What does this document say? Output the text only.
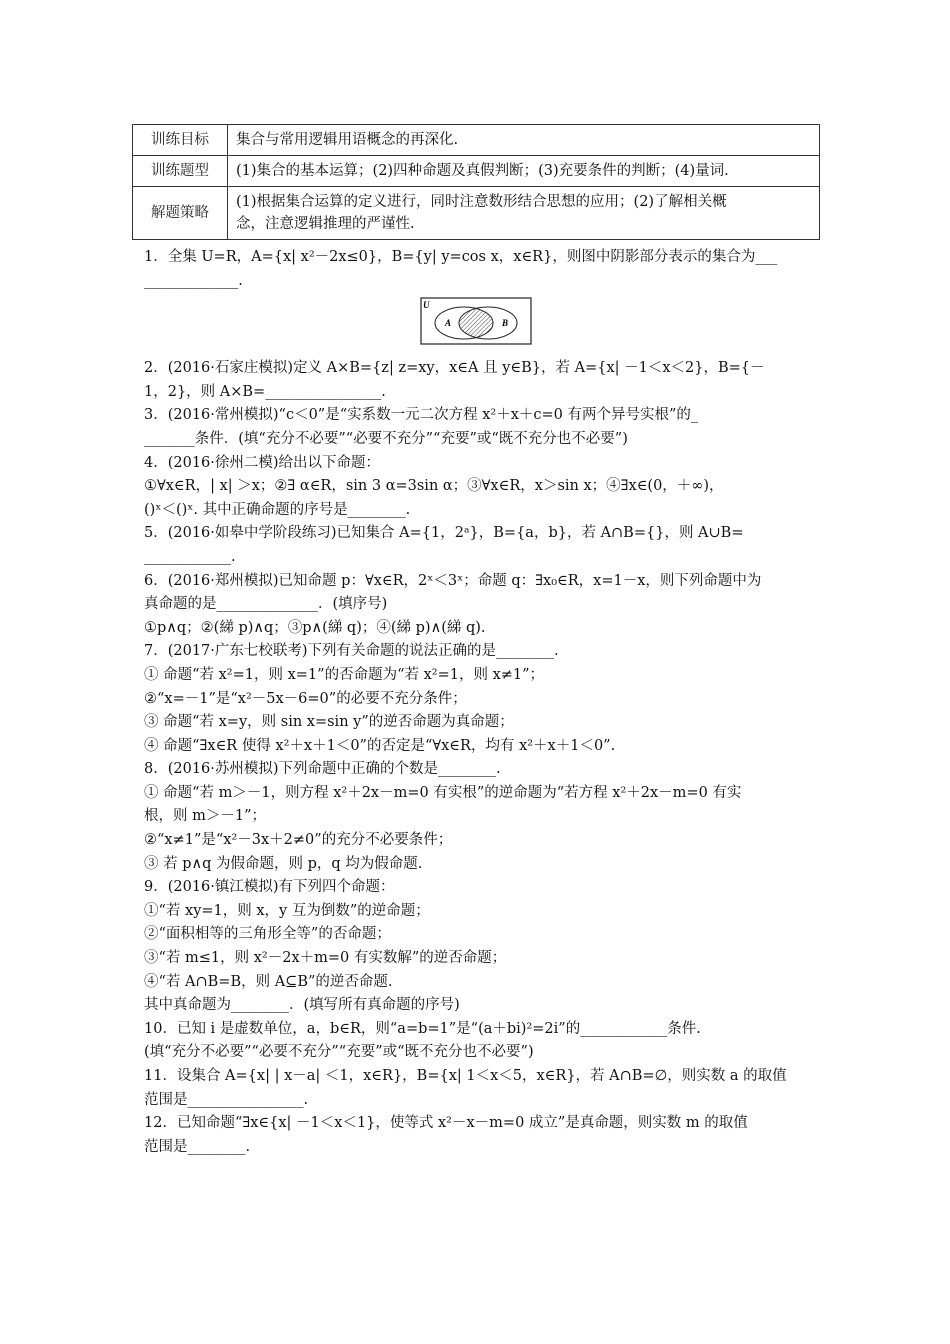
训练目标	集合与常用逻辑用语概念的再深化.
训练题型	(1)集合的基本运算；(2)四种命题及真假判断；(3)充要条件的判断；(4)量词.
解题策略	(1)根据集合运算的定义进行，同时注意数形结合思想的应用；(2)了解相关概
念，注意逻辑推理的严谨性.
1．全集 U=R，A={x| x²－2x≤0}，B={y| y=cos x，x∈R}，则图中阴影部分表示的集合为___
_____________.
U
A	B
2．(2016·石家庄模拟)定义 A×B={z| z=xy，x∈A 且 y∈B}，若 A={x| －1＜x＜2}，B={－
1，2}，则 A×B=________________.
3．(2016·常州模拟)“c＜0”是“实系数一元二次方程 x²＋x＋c=0 有两个异号实根”的_
_______条件．(填“充分不必要”“必要不充分”“充要”或“既不充分也不必要”)
4．(2016·徐州二模)给出以下命题：
①∀x∈R，| x| ＞x；②∃ α∈R，sin 3 α=3sin α；③∀x∈R，x＞sin x；④∃x∈(0，＋∞)，
()ˣ＜()ˣ. 其中正确命题的序号是________.
5．(2016·如皋中学阶段练习)已知集合 A={1，2ᵃ}，B={a，b}，若 A∩B={}，则 A∪B=
____________.
6．(2016·郑州模拟)已知命题 p：∀x∈R，2ˣ＜3ˣ；命题 q：∃x₀∈R，x=1－x，则下列命题中为
真命题的是______________．(填序号)
①p∧q；②(綈 p)∧q；③p∧(綈 q)；④(綈 p)∧(綈 q).
7．(2017·广东七校联考)下列有关命题的说法正确的是________.
① 命题“若 x²=1，则 x=1”的否命题为“若 x²=1，则 x≠1”；
②“x=－1”是“x²－5x－6=0”的必要不充分条件；
③ 命题“若 x=y，则 sin x=sin y”的逆否命题为真命题；
④ 命题“∃x∈R 使得 x²＋x＋1＜0”的否定是“∀x∈R，均有 x²＋x＋1＜0”.
8．(2016·苏州模拟)下列命题中正确的个数是________.
① 命题“若 m＞－1，则方程 x²＋2x－m=0 有实根”的逆命题为“若方程 x²＋2x－m=0 有实
根，则 m＞－1”；
②“x≠1”是“x²－3x＋2≠0”的充分不必要条件；
③ 若 p∧q 为假命题，则 p，q 均为假命题.
9．(2016·镇江模拟)有下列四个命题：
①“若 xy=1，则 x，y 互为倒数”的逆命题；
②“面积相等的三角形全等”的否命题；
③“若 m≤1，则 x²－2x＋m=0 有实数解”的逆否命题；
④“若 A∩B=B，则 A⊆B”的逆否命题.
其中真命题为________．(填写所有真命题的序号)
10．已知 i 是虚数单位，a，b∈R，则“a=b=1”是“(a＋bi)²=2i”的____________条件.
(填“充分不必要”“必要不充分”“充要”或“既不充分也不必要”)
11．设集合 A={x| | x－a| ＜1，x∈R}，B={x| 1＜x＜5，x∈R}，若 A∩B=∅，则实数 a 的取值
范围是________________.
12．已知命题“∃x∈{x| －1＜x＜1}，使等式 x²－x－m=0 成立”是真命题，则实数 m 的取值
范围是________.
